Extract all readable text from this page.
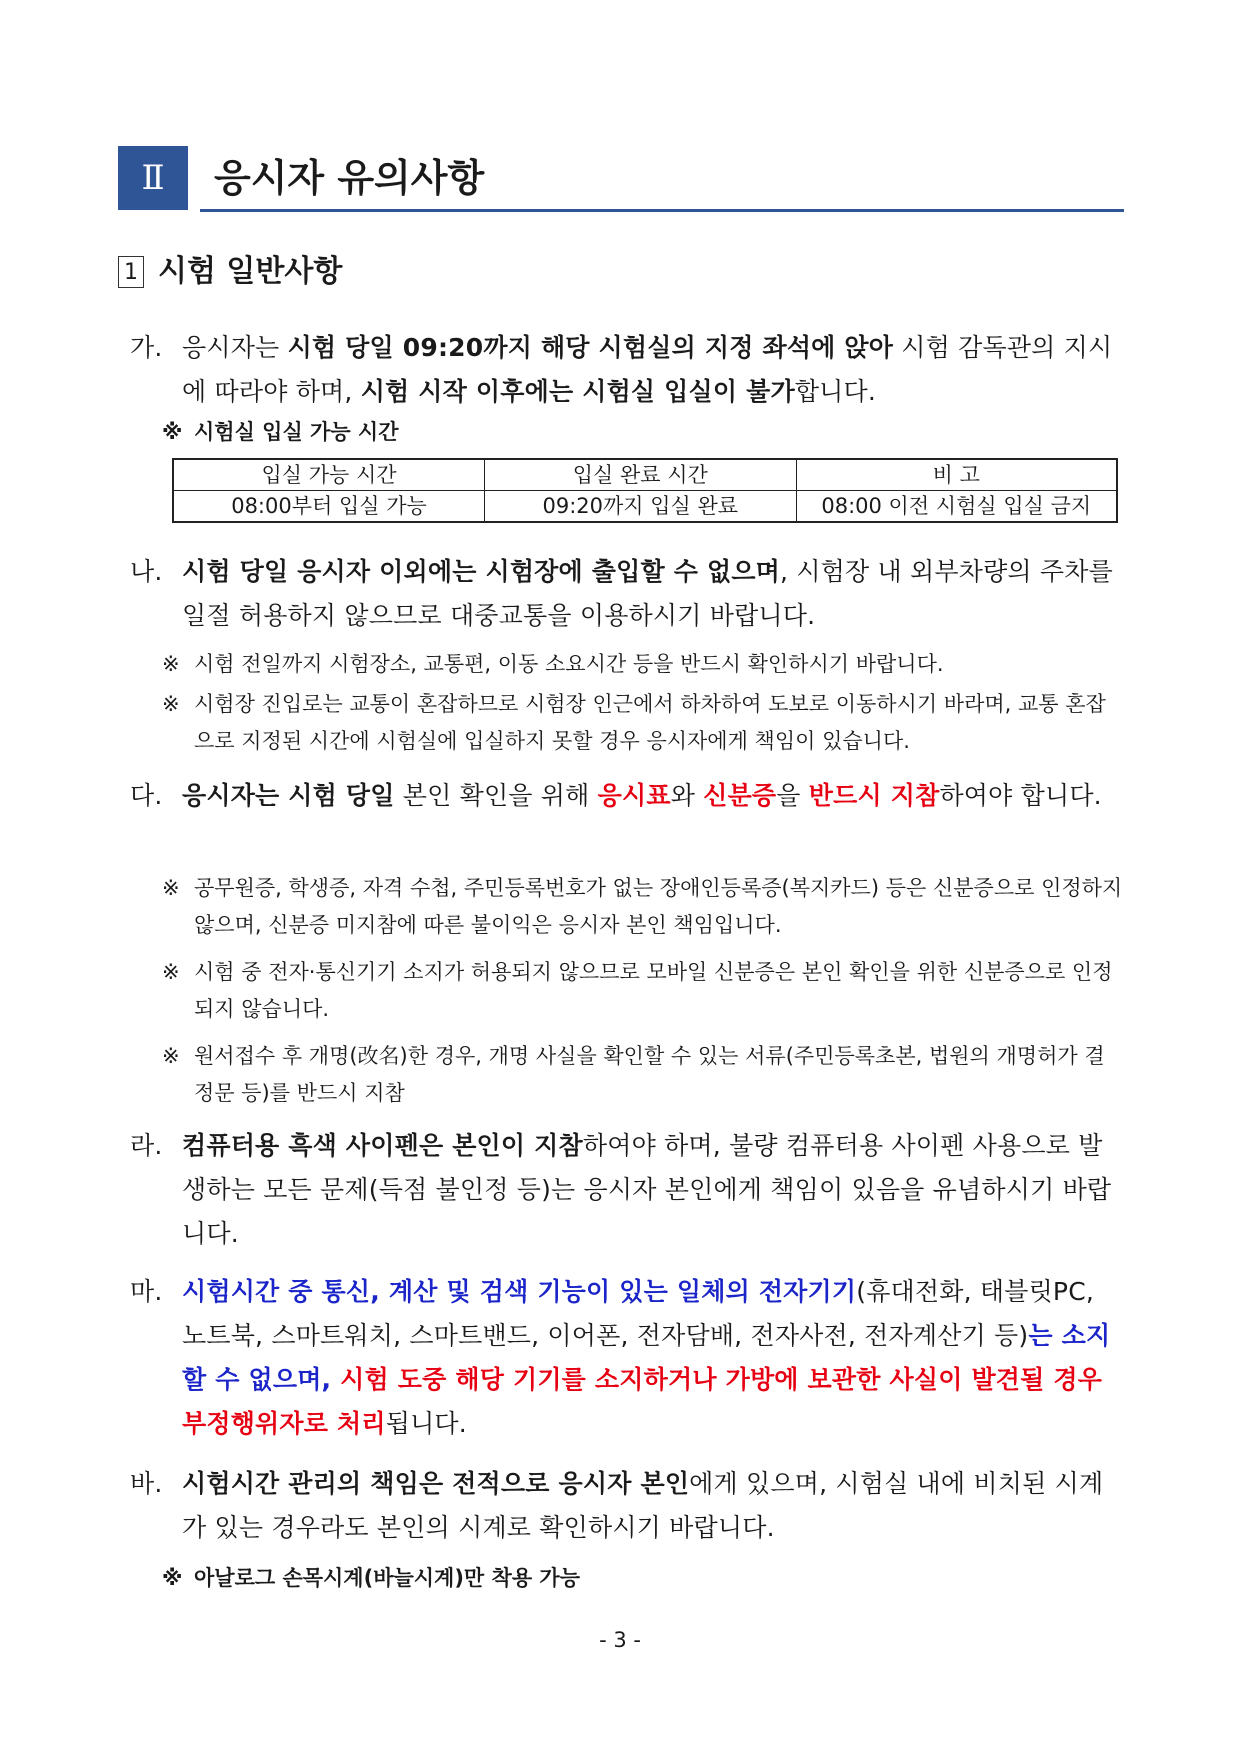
Ⅱ	응시자 유의사항
1 시험 일반사항
가. 응시자는 시험 당일 09:20까지 해당 시험실의 지정 좌석에 앉아 시험 감독관의 지시에 따라야 하며, 시험 시작 이후에는 시험실 입실이 불가합니다.
※ 시험실 입실 가능 시간
입실 가능 시간	입실 완료 시간	비 고
08:00부터 입실 가능	09:20까지 입실 완료	08:00 이전 시험실 입실 금지
나. 시험 당일 응시자 이외에는 시험장에 출입할 수 없으며, 시험장 내 외부차량의 주차를 일절 허용하지 않으므로 대중교통을 이용하시기 바랍니다.
※ 시험 전일까지 시험장소, 교통편, 이동 소요시간 등을 반드시 확인하시기 바랍니다.
※ 시험장 진입로는 교통이 혼잡하므로 시험장 인근에서 하차하여 도보로 이동하시기 바라며, 교통 혼잡으로 지정된 시간에 시험실에 입실하지 못할 경우 응시자에게 책임이 있습니다.
다. 응시자는 시험 당일 본인 확인을 위해 응시표와 신분증을 반드시 지참하여야 합니다.
※ 공무원증, 학생증, 자격 수첩, 주민등록번호가 없는 장애인등록증(복지카드) 등은 신분증으로 인정하지 않으며, 신분증 미지참에 따른 불이익은 응시자 본인 책임입니다.
※ 시험 중 전자·통신기기 소지가 허용되지 않으므로 모바일 신분증은 본인 확인을 위한 신분증으로 인정되지 않습니다.
※ 원서접수 후 개명(改名)한 경우, 개명 사실을 확인할 수 있는 서류(주민등록초본, 법원의 개명허가 결정문 등)를 반드시 지참
라. 컴퓨터용 흑색 사이펜은 본인이 지참하여야 하며, 불량 컴퓨터용 사이펜 사용으로 발생하는 모든 문제(득점 불인정 등)는 응시자 본인에게 책임이 있음을 유념하시기 바랍니다.
마. 시험시간 중 통신, 계산 및 검색 기능이 있는 일체의 전자기기(휴대전화, 태블릿PC, 노트북, 스마트워치, 스마트밴드, 이어폰, 전자담배, 전자사전, 전자계산기 등)는 소지할 수 없으며, 시험 도중 해당 기기를 소지하거나 가방에 보관한 사실이 발견될 경우 부정행위자로 처리됩니다.
바. 시험시간 관리의 책임은 전적으로 응시자 본인에게 있으며, 시험실 내에 비치된 시계가 있는 경우라도 본인의 시계로 확인하시기 바랍니다.
※ 아날로그 손목시계(바늘시계)만 착용 가능
- 3 -
